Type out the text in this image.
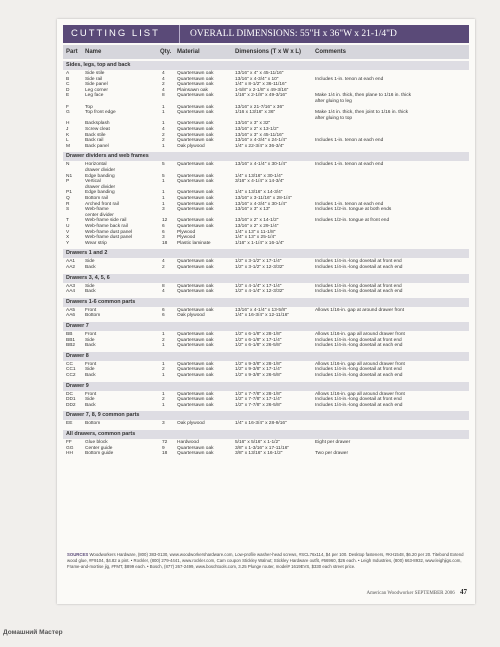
CUTTING LIST	OVERALL DIMENSIONS: 55"H x 36"W x 21-1/4"D
Part Name	Qty. Material	Dimensions (T x W x L) Comments
Sides, legs, top and back
A	Side stile	4	Quartersawn oak	13/16" x 4" x 45-11/16"
B	Side rail	4	Quartersawn oak	13/16" x 4-3/4" x 10"	Includes 1-in. tenon at each end
C	Side panel	2	Quartersawn oak	1/4" x 8-1/2" x 36-11/16"
D	Leg corner	4	Plainsawn oak	1-5/8" x 2-1/8" x 49-3/16"
E	Leg face	8	Quartersawn oak	1/16" x 2-1/8" x 49-3/16"	Make 1/4 in. thick, then plane to 1/16 in. thick
after gluing to leg
F	Top	1	Quartersawn oak	13/16" x 21-7/16" x 36"
G	Top front edge	1	Quartersawn oak	1/16 x 13/16" x 36"	Make 1/4 in. thick, then joint to 1/16 in. thick
after gluing to top
H	Backsplash	1	Quartersawn oak	13/16" x 3" x 32"
J	Screw cleat	4	Quartersawn oak	13/16" x 2" x 13-1/2"
K	Back stile	2	Quartersawn oak	13/16" x 3" x 45-11/16"
L	Back rail	2	Quartersawn oak	13/16" x 4-3/4" x 24-1/4"	Includes 1-in. tenon at each end
M	Back panel	1	Oak plywood	1/4" x 22-3/4" x 36-3/4"
Drawer dividers and web frames
N	Horizontal	5	Quartersawn oak	13/16" x 4-1/4" x 30-1/4"	Includes 1-in. tenon at each end
drawer divider
N1	Edge banding	5	Quartersawn oak	1/4" x 13/16" x 30-1/4"
P	Vertical	1	Quartersawn oak	3/16" x 4-1/4" x 14-3/4"
drawer divider
P1	Edge banding	1	Quartersawn oak	1/4" x 13/16" x 14-3/4"
Q	Bottom rail	1	Quartersawn oak	13/16" x 3-11/16" x 28-1/4"
R	Arched front rail	1	Quartersawn oak	13/16" x 4-3/4" x 30-1/4"	Includes 1-in. tenon at each end
S	Web-frame	3	Quartersawn oak	13/16" x 3" x 13"	Includes 1/2-in. tongue at both ends
center divider
T	Web-frame side rail	12 Quartersawn oak	13/16" x 2" x 14-1/2"	Includes 1/2-in. tongue at front end
U	Web-frame back rail	6	Quartersawn oak	13/16" x 2" x 29-1/4"
V	Web-frame dust panel	6	Plywood	1/4" x 13" x 11-1/8"
X	Web-frame dust panel	3	Plywood	1/4" x 13" x 25-1/4"
Y	Wear strip	18 Plastic laminate	1/16" x 1-1/4" x 16-1/4"
Drawers 1 and 2
AA1 Side	4	Quartersawn oak	1/2" x 3-1/2" x 17-1/4"	Includes 1/4-in.-long dovetail at front end
AA2 Back	2	Quartersawn oak	1/2" x 3-1/2" x 12-3/32"	Includes 1/4-in.-long dovetail at each end
Drawers 3, 4, 5, 6
AA3 Side	8	Quartersawn oak	1/2" x 4-1/4" x 17-1/4"	Includes 1/4-in.-long dovetail at front end
AA4 Back	4	Quartersawn oak	1/2" x 4-1/4" x 12-3/32"	Includes 1/4-in.-long dovetail at each end
Drawers 1-6 common parts
AA5 Front	6	Quartersawn oak	13/16" x 4-1/4" x 13-5/8"	Allows 1/16-in. gap at around drawer front
AA6 Bottom	6	Oak plywood	1/4" x 16-3/4" x 12-11/16"
Drawer 7
BB	Front	1	Quartersawn oak	1/2" x 6-1/8" x 28-1/8"	Allows 1/16-in. gap all around drawer front
BB1 Side	2	Quartersawn oak	1/2" x 6-1/8" x 17-1/4"	Includes 1/4-in.-long dovetail at front end
BB2 Back	1	Quartersawn oak	1/2" x 6-1/8" x 26-5/8"	Includes 1/4-in.-long dovetail at each end
Drawer 8
CC	Front	1	Quartersawn oak	1/2" x 9-3/8" x 28-1/8"	Allows 1/16-in. gap all around drawer front
CC1 Side	2	Quartersawn oak	1/2" x 9-3/8" x 17-1/4"	Includes 1/4-in.-long dovetail at front end
CC2 Back	1	Quartersawn oak	1/2" x 9-3/8" x 26-5/8"	Includes 1/4-in.-long dovetail at each end
Drawer 9
DC	Front	1	Quartersawn oak	1/2" x 7-7/8" x 28-1/8"	Allows 1/16-in. gap all around drawer front
DD1 Side	2	Quartersawn oak	1/2" x 7-7/8" x 17-1/4"	Includes 1/4-in.-long dovetail at front end
DD2 Back	1	Quartersawn oak	1/2" x 7-7/8" x 26-5/8"	Includes 1/4-in.-long dovetail at each end
Drawer 7, 8, 9 common parts
EE	Bottom	3	Oak plywood	1/4" x 16-3/4" x 28-9/16"
All drawers, common parts
FF	Glue block	72 Hardwood	5/16" x 5/16" x 1-1/2"	Eight per drawer
GG Center guide	9	Quartersawn oak	3/8" x 1-3/16" x 17-11/16"
HH	Bottom guide	18 Quartersawn oak	3/8" x 13/16" x 16-1/2"	Two per drawer
SOURCES Woodworkers Hardware, (800) 383-0130, www.woodworkershardware.com, Low-profile washer-head screws, #SCL76x114, $4 per 100. Desktop fasteners, #KH1548, $6.20 per 20. Titebond Extend wood glue, #F9104, $4.82 a pint. • Rockler, (800) 279-4441, www.rockler.com, Cam coupon Stickley Walnut; Stickley Hardware outfit, #66960, $26 each. • Leigh Industries, (800) 663-8932, www.leighjigs.com, Frame-and-mortise jig, #FMT, $899 each. • Bosch, (877) 267-2499, www.boschtools.com, 3.25 Plunge router, model# 1619EVS, $330 each street price.
American Woodworker SEPTEMBER 2006 47
Домашний Мастер
